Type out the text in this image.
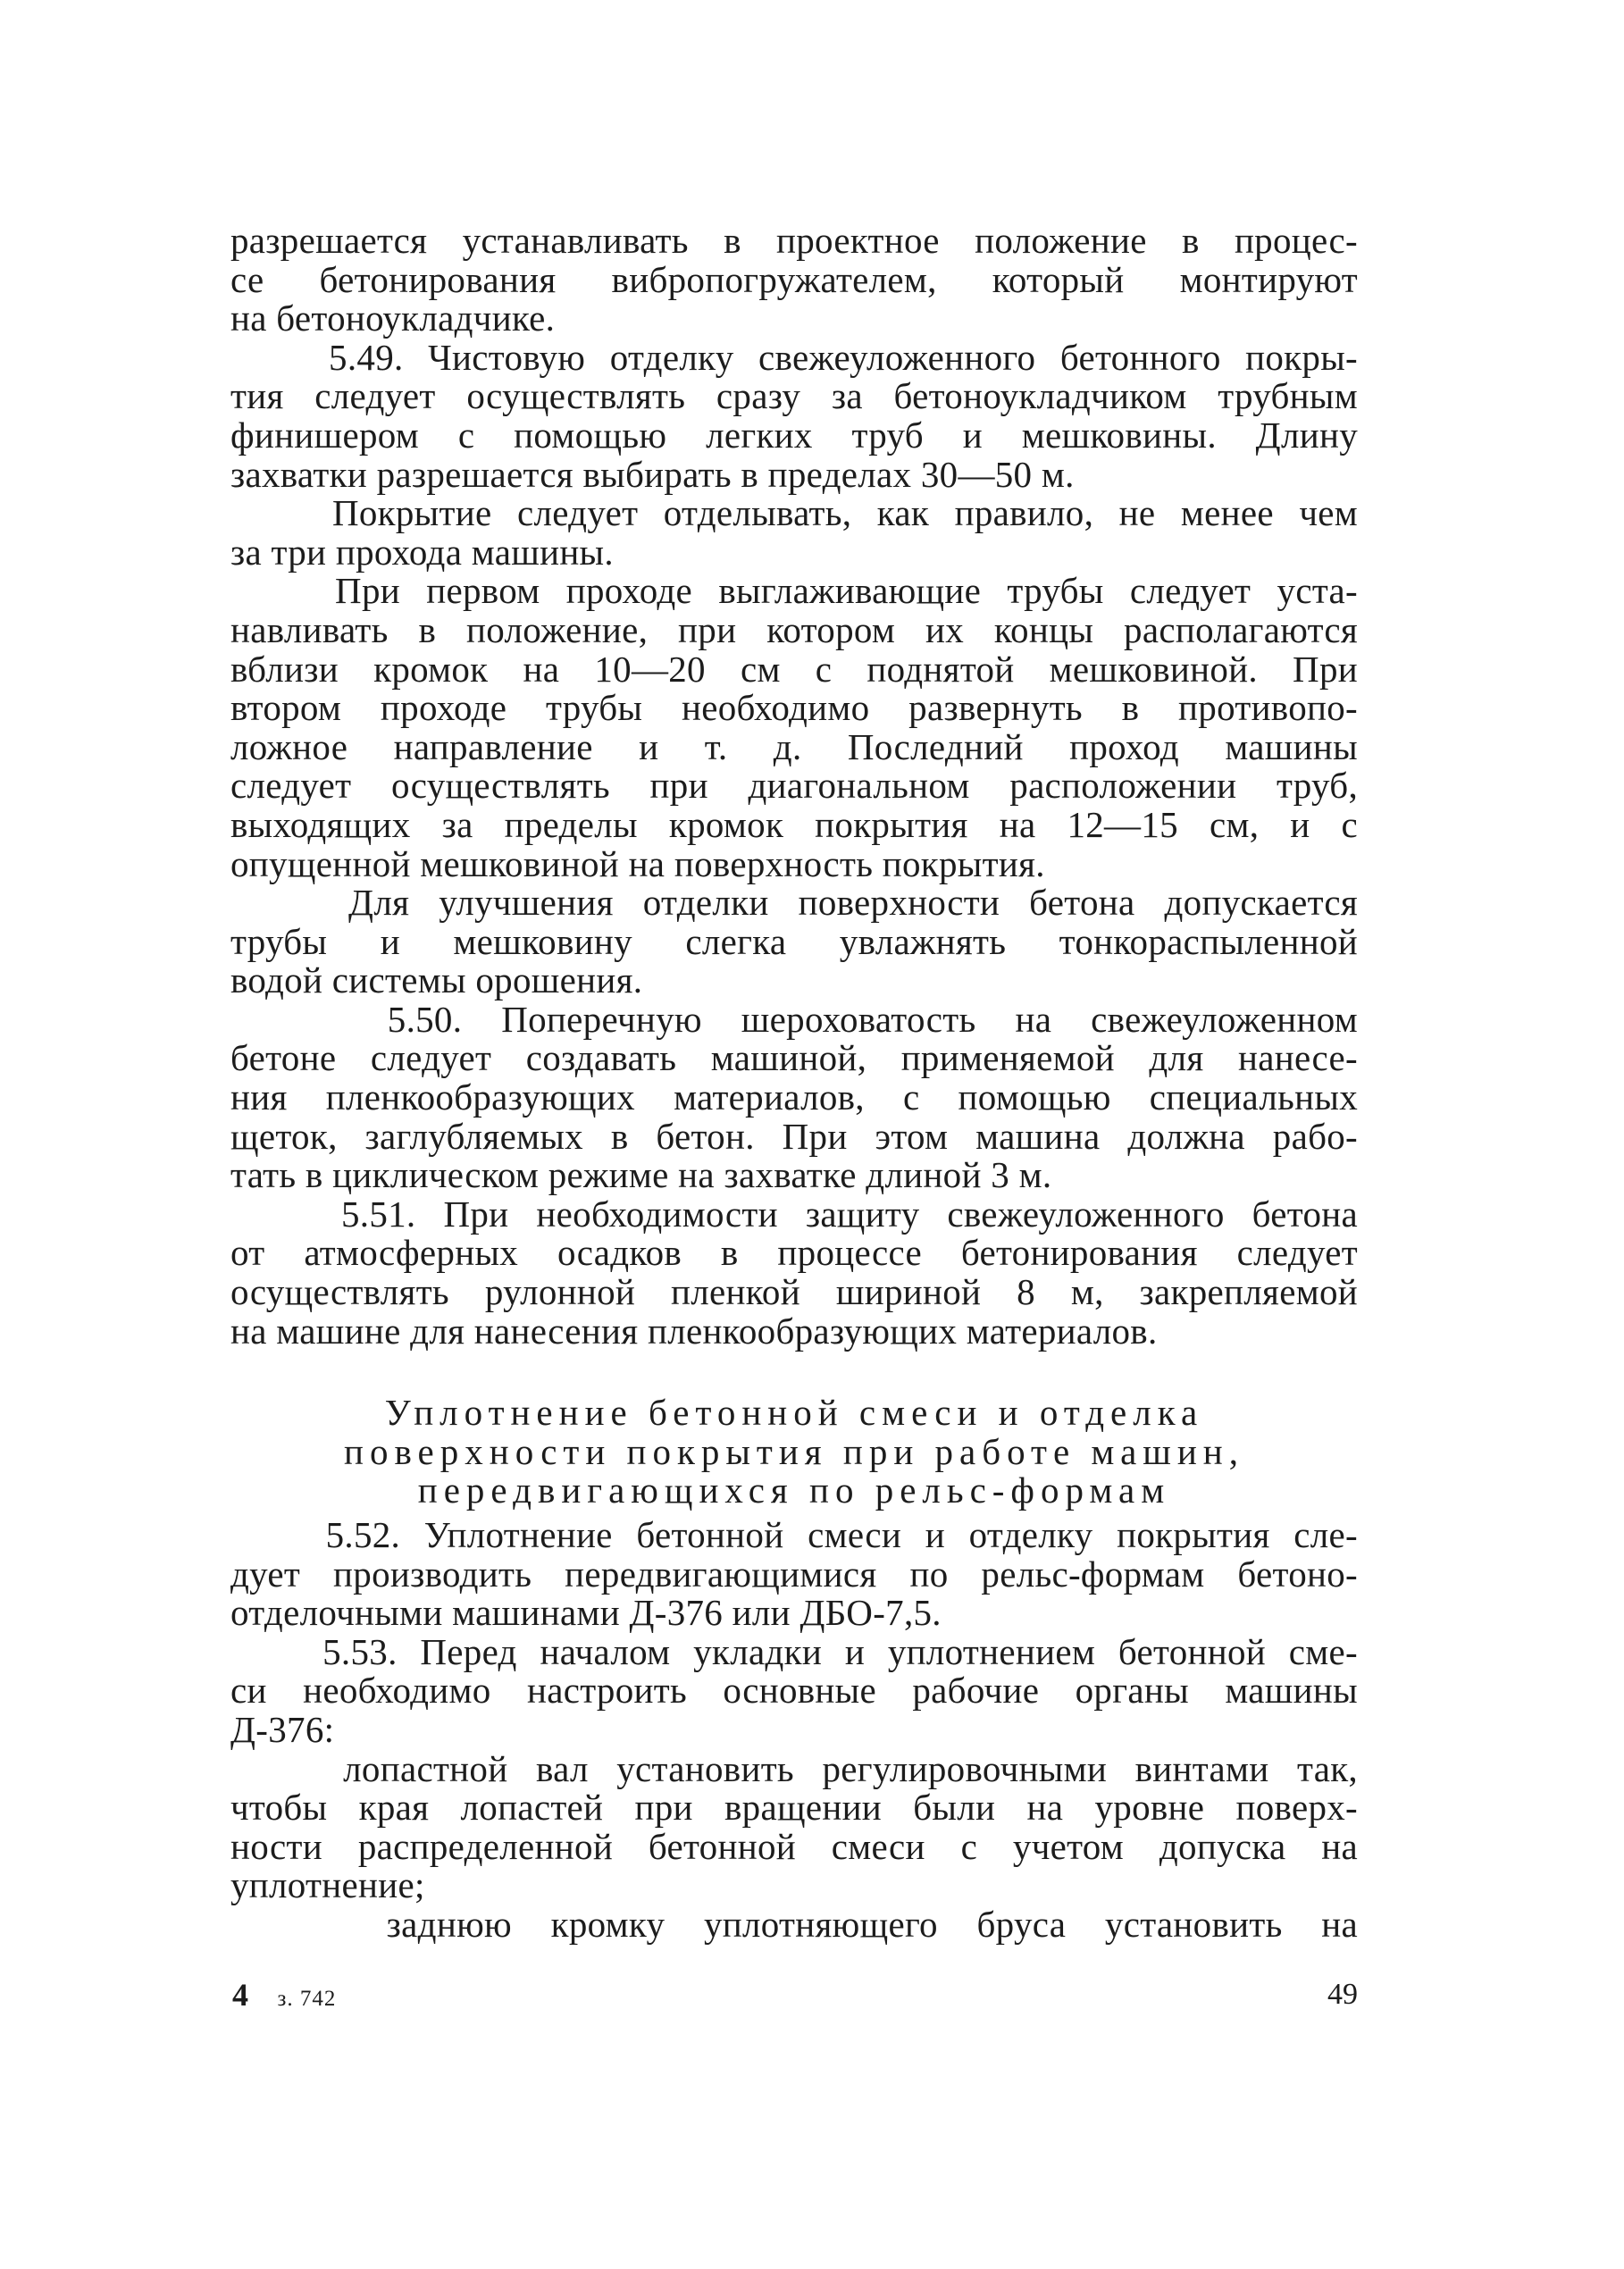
разрешается устанавливать в проектное положение в процес-
се бетонирования вибропогружателем, который монтируют
на бетоноукладчике.
5.49. Чистовую отделку свежеуложенного бетонного покры-
тия следует осуществлять сразу за бетоноукладчиком трубным
финишером с помощью легких труб и мешковины. Длину
захватки разрешается выбирать в пределах 30—50 м.
Покрытие следует отделывать, как правило, не менее чем
за три прохода машины.
При первом проходе выглаживающие трубы следует уста-
навливать в положение, при котором их концы располагаются
вблизи кромок на 10—20 см с поднятой мешковиной. При
втором проходе трубы необходимо развернуть в противопо-
ложное направление и т. д. Последний проход машины
следует осуществлять при диагональном расположении труб,
выходящих за пределы кромок покрытия на 12—15 см, и с
опущенной мешковиной на поверхность покрытия.
Для улучшения отделки поверхности бетона допускается
трубы и мешковину слегка увлажнять тонкораспыленной
водой системы орошения.
5.50. Поперечную шероховатость на свежеуложенном
бетоне следует создавать машиной, применяемой для нанесе-
ния пленкообразующих материалов, с помощью специальных
щеток, заглубляемых в бетон. При этом машина должна рабо-
тать в циклическом режиме на захватке длиной 3 м.
5.51. При необходимости защиту свежеуложенного бетона
от атмосферных осадков в процессе бетонирования следует
осуществлять рулонной пленкой шириной 8 м, закрепляемой
на машине для нанесения пленкообразующих материалов.
Уплотнение бетонной смеси и отделка
поверхности покрытия при работе машин,
передвигающихся по рельс-формам
5.52. Уплотнение бетонной смеси и отделку покрытия сле-
дует производить передвигающимися по рельс-формам бетоно-
отделочными машинами Д-376 или ДБО-7,5.
5.53. Перед началом укладки и уплотнением бетонной сме-
си необходимо настроить основные рабочие органы машины
Д-376:
лопастной вал установить регулировочными винтами так,
чтобы края лопастей при вращении были на уровне поверх-
ности распределенной бетонной смеси с учетом допуска на
уплотнение;
заднюю кромку уплотняющего бруса установить на
4 з. 742	49
